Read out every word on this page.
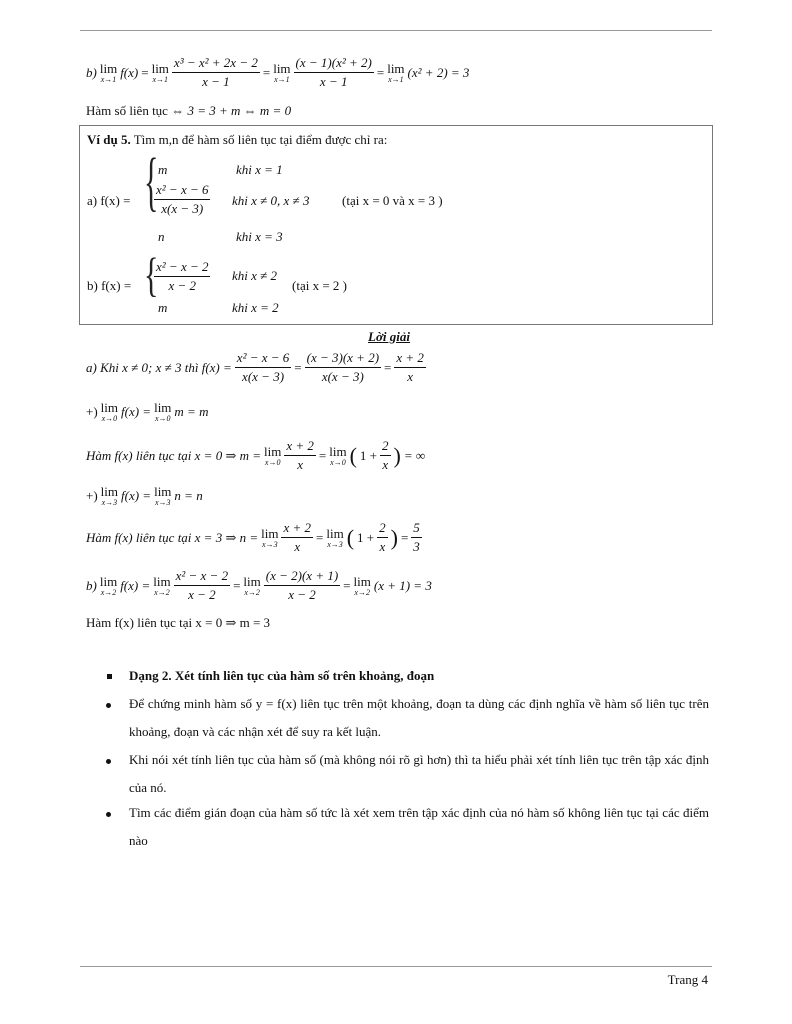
b) lim
x→1 f(x) = lim
$x\to 1 \frac{\text{x³ − x² + 2x − 2}}{x - 1} = \lim$
$x\to 1 \frac{\text{(x − 1)(x² + 2)}}{x - 1} = \lim$
x→1 (x² + 2) = 3
Hàm số liên tục ⇔ 3 = 3 + m ⇔ m = 0
Ví dụ 5. Tìm m,n để hàm số liên tục tại điểm được chỉ ra:
a) f(x) = { m	khi x = 1
$\frac{\text{x² − x − 6}}{x(x - 3)}$ khi x ≠ 0, x ≠ 3	(tại x = 0 và x = 3 )
n	khi x = 3
b) f(x) = {
$\frac{\text{x² − x − 2}}{x - 2}$ khi x ≠ 2
(tại x = 2 )
m	khi x = 2
Lời giải
a) Khi x ≠ 0; x ≠ 3 thì $f(x) = \frac{\text{x² − x − 6}}{x(x - 3)} = \frac{(x - 3)(x + 2)}{x(x - 3)} = \frac{x + 2}{x}$
+) lim
x→0 f(x) = lim
x→0 m = m
Hàm f(x) liên tục tại x = 0 ⇒ m = lim
$x\to 0 \frac{x + 2}{x} = \lim$
x→0 ( $1 + \frac{2}{x}$ ) = ∞
+) lim
x→3 f(x) = lim
x→3 n = n
Hàm f(x) liên tục tại x = 3 ⇒ n = lim
$x\to 3 \frac{x + 2}{x} = \lim$
x→3 ( $1 + \frac{2}{x}$ ) = $\frac{5}{3}$
b) lim
x→2 f(x) = lim
$x\to 2 \frac{\text{x² − x − 2}}{x - 2} = \lim$
$x\to 2 \frac{(x - 2)(x + 1)}{x - 2} = \lim$
x→2 (x + 1) = 3
Hàm f(x) liên tục tại x = 0 ⇒ m = 3
Dạng 2. Xét tính liên tục của hàm số trên khoảng, đoạn
Để chứng minh hàm số y = f(x) liên tục trên một khoảng, đoạn ta dùng các định nghĩa về hàm số liên tục trên khoảng, đoạn và các nhận xét để suy ra kết luận.
Khi nói xét tính liên tục của hàm số (mà không nói rõ gì hơn) thì ta hiểu phải xét tính liên tục trên tập xác định của nó.
Tìm các điểm gián đoạn của hàm số tức là xét xem trên tập xác định của nó hàm số không liên tục tại các điểm nào
Trang 4
